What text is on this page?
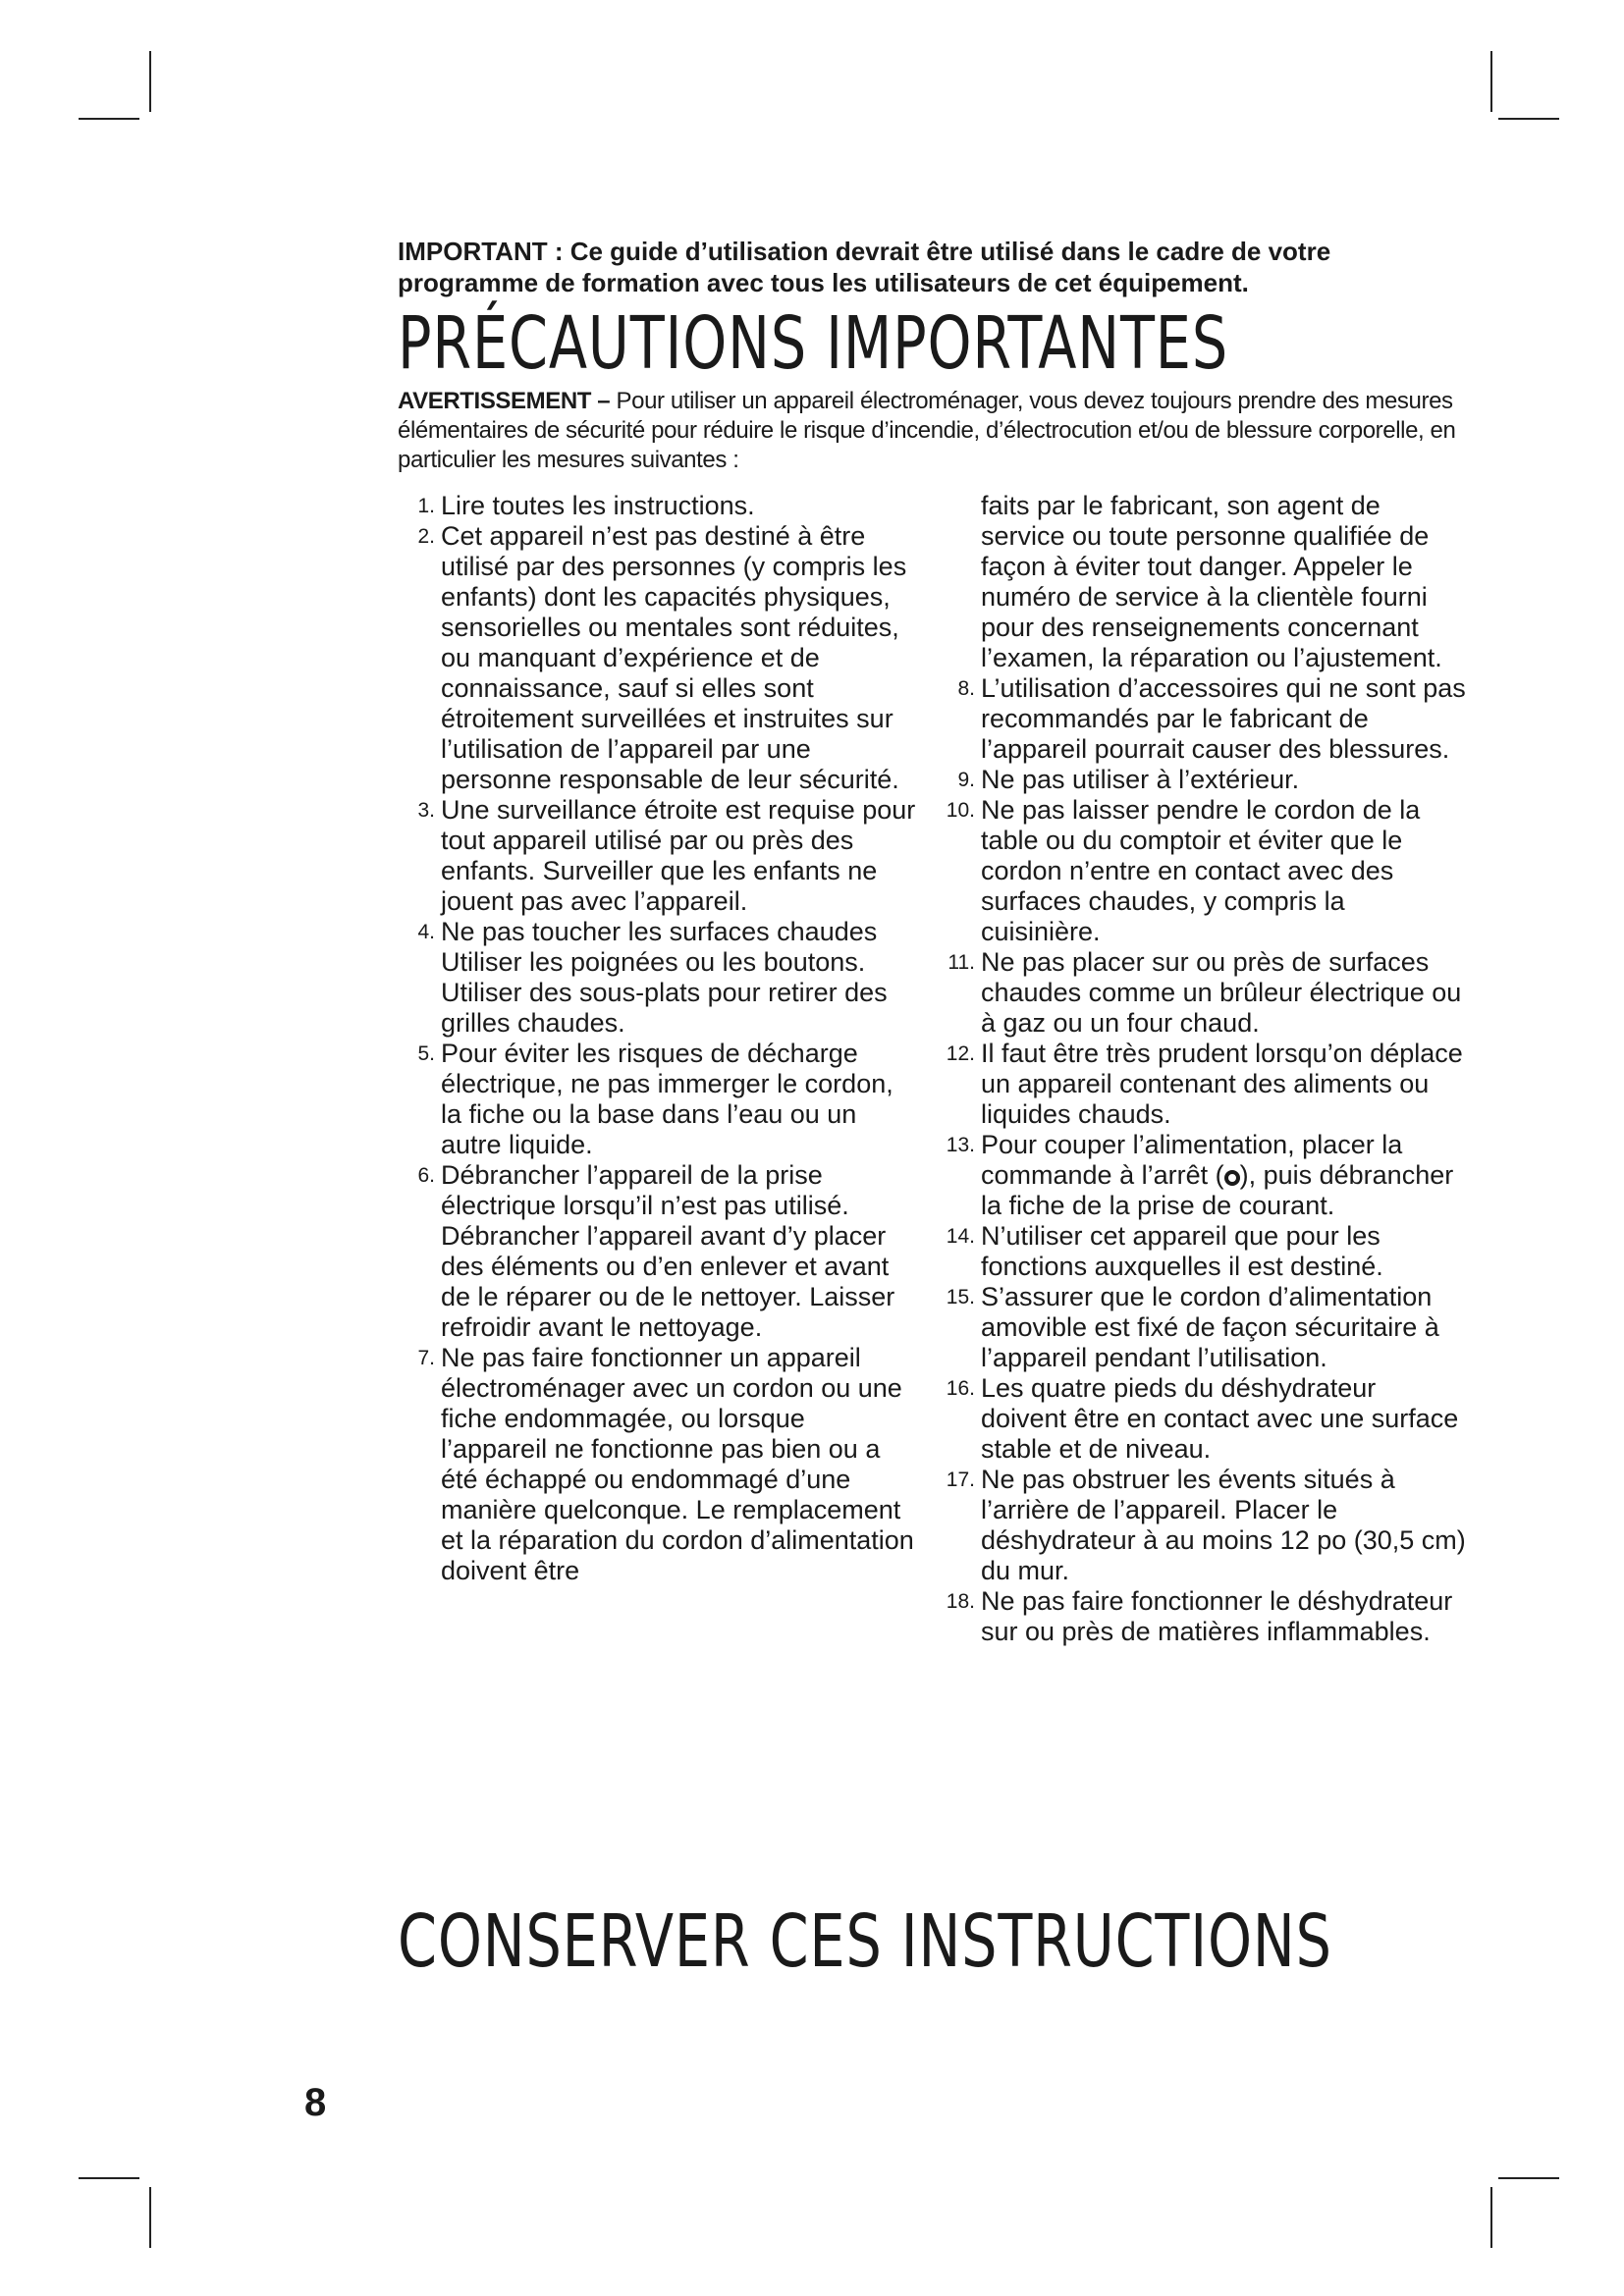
IMPORTANT : Ce guide d’utilisation devrait être utilisé dans le cadre de votre programme de formation avec tous les utilisateurs de cet équipement.

PRÉCAUTIONS IMPORTANTES

AVERTISSEMENT – Pour utiliser un appareil électroménager, vous devez toujours prendre des mesures élémentaires de sécurité pour réduire le risque d’incendie, d’électrocution et/ou de blessure corporelle, en particulier les mesures suivantes :

1. Lire toutes les instructions.
2. Cet appareil n’est pas destiné à être utilisé par des personnes (y compris les enfants) dont les capacités physiques, sensorielles ou mentales sont réduites, ou manquant d’expérience et de connaissance, sauf si elles sont étroitement surveillées et instruites sur l’utilisation de l’appareil par une personne responsable de leur sécurité.
3. Une surveillance étroite est requise pour tout appareil utilisé par ou près des enfants. Surveiller que les enfants ne jouent pas avec l’appareil.
4. Ne pas toucher les surfaces chaudes Utiliser les poignées ou les boutons. Utiliser des sous-plats pour retirer des grilles chaudes.
5. Pour éviter les risques de décharge électrique, ne pas immerger le cordon, la fiche ou la base dans l’eau ou un autre liquide.
6. Débrancher l’appareil de la prise électrique lorsqu’il n’est pas utilisé. Débrancher l’appareil avant d’y placer des éléments ou d’en enlever et avant de le réparer ou de le nettoyer. Laisser refroidir avant le nettoyage.
7. Ne pas faire fonctionner un appareil électroménager avec un cordon ou une fiche endommagée, ou lorsque l’appareil ne fonctionne pas bien ou a été échappé ou endommagé d’une manière quelconque. Le remplacement et la réparation du cordon d’alimentation doivent être
faits par le fabricant, son agent de service ou toute personne qualifiée de façon à éviter tout danger. Appeler le numéro de service à la clientèle fourni pour des renseignements concernant l’examen, la réparation ou l’ajustement.
8. L’utilisation d’accessoires qui ne sont pas recommandés par le fabricant de l’appareil pourrait causer des blessures.
9. Ne pas utiliser à l’extérieur.
10. Ne pas laisser pendre le cordon de la table ou du comptoir et éviter que le cordon n’entre en contact avec des surfaces chaudes, y compris la cuisinière.
11. Ne pas placer sur ou près de surfaces chaudes comme un brûleur électrique ou à gaz ou un four chaud.
12. Il faut être très prudent lorsqu’on déplace un appareil contenant des aliments ou liquides chauds.
13. Pour couper l’alimentation, placer la commande à l’arrêt ( ), puis débrancher la fiche de la prise de courant.
14. N’utiliser cet appareil que pour les fonctions auxquelles il est destiné.
15. S’assurer que le cordon d’alimentation amovible est fixé de façon sécuritaire à l’appareil pendant l’utilisation.
16. Les quatre pieds du déshydrateur doivent être en contact avec une surface stable et de niveau.
17. Ne pas obstruer les évents situés à l’arrière de l’appareil. Placer le déshydrateur à au moins 12 po (30,5 cm) du mur.
18. Ne pas faire fonctionner le déshydrateur sur ou près de matières inflammables.
CONSERVER CES INSTRUCTIONS
8
